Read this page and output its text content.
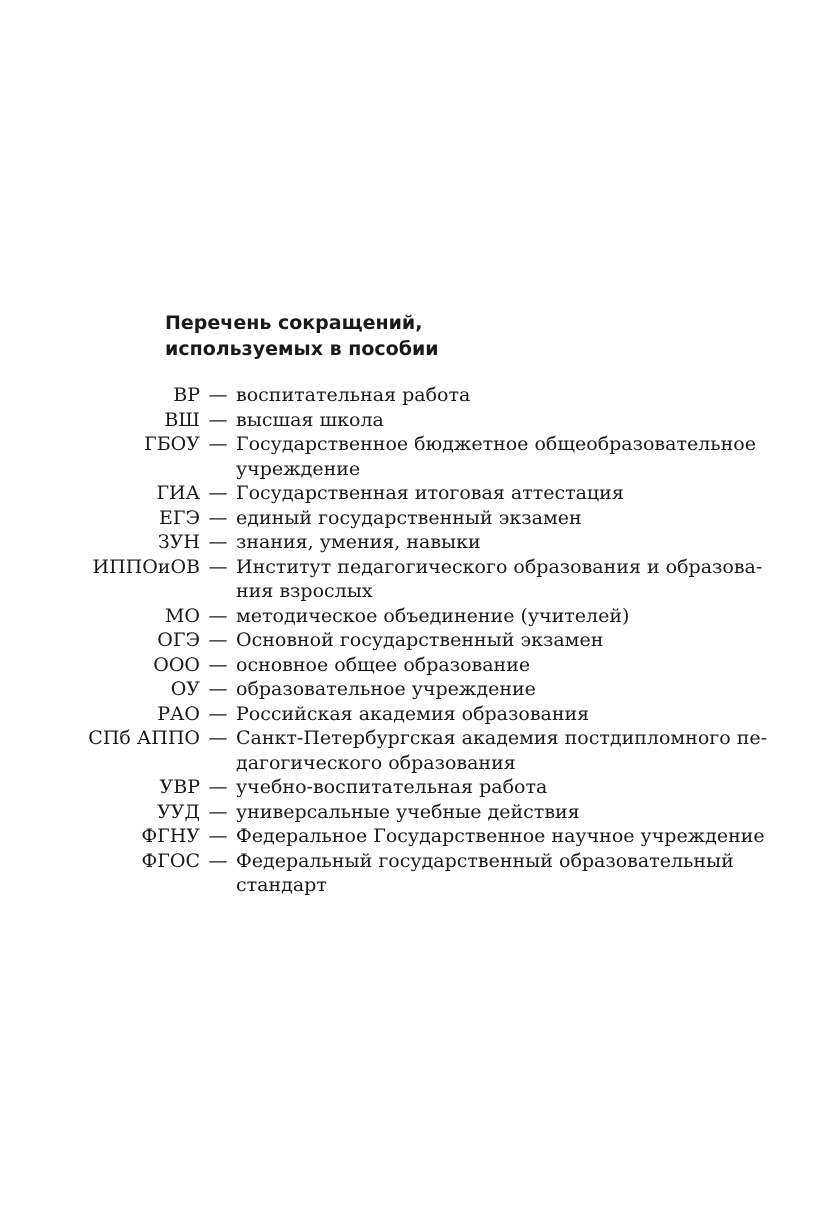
Перечень сокращений,
используемых в пособии
ВР — воспитательная работа
ВШ — высшая школа
ГБОУ — Государственное бюджетное общеобразовательное
учреждение
ГИА — Государственная итоговая аттестация
ЕГЭ — единый государственный экзамен
ЗУН — знания, умения, навыки
ИППОиОВ — Институт педагогического образования и образова-
ния взрослых
МО — методическое объединение (учителей)
ОГЭ — Основной государственный экзамен
ООО — основное общее образование
ОУ — образовательное учреждение
РАО — Российская академия образования
СПб АППО — Санкт-Петербургская академия постдипломного пе-
дагогического образования
УВР — учебно-воспитательная работа
УУД — универсальные учебные действия
ФГНУ — Федеральное Государственное научное учреждение
ФГОС — Федеральный государственный образовательный
стандарт
